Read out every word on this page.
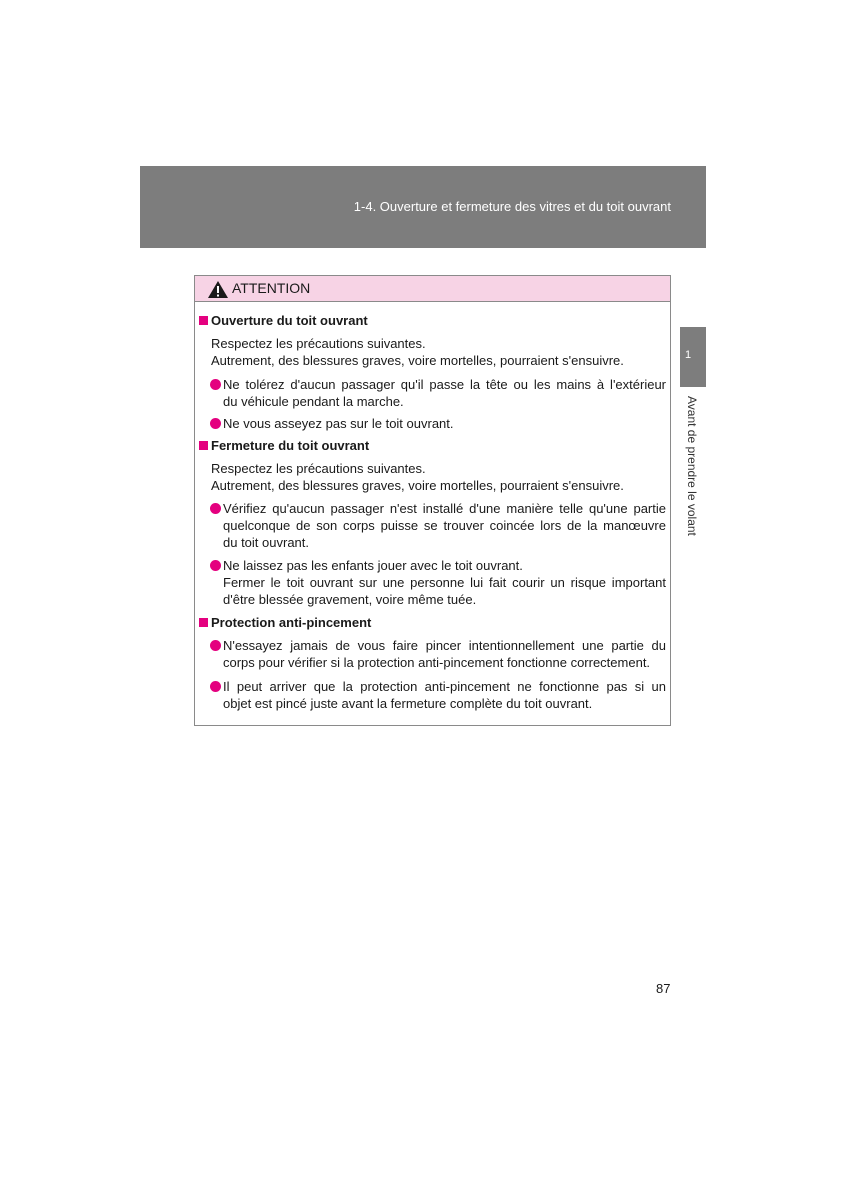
1-4. Ouverture et fermeture des vitres et du toit ouvrant
1
Avant de prendre le volant
ATTENTION
Ouverture du toit ouvrant
Respectez les précautions suivantes.
Autrement, des blessures graves, voire mortelles, pourraient s'ensuivre.
Ne tolérez d'aucun passager qu'il passe la tête ou les mains à l'extérieur
du véhicule pendant la marche.
Ne vous asseyez pas sur le toit ouvrant.
Fermeture du toit ouvrant
Respectez les précautions suivantes.
Autrement, des blessures graves, voire mortelles, pourraient s'ensuivre.
Vérifiez qu'aucun passager n'est installé d'une manière telle qu'une partie
quelconque de son corps puisse se trouver coincée lors de la manœuvre
du toit ouvrant.
Ne laissez pas les enfants jouer avec le toit ouvrant.
Fermer le toit ouvrant sur une personne lui fait courir un risque important
d'être blessée gravement, voire même tuée.
Protection anti-pincement
N'essayez jamais de vous faire pincer intentionnellement une partie du
corps pour vérifier si la protection anti-pincement fonctionne correctement.
Il peut arriver que la protection anti-pincement ne fonctionne pas si un
objet est pincé juste avant la fermeture complète du toit ouvrant.
87
